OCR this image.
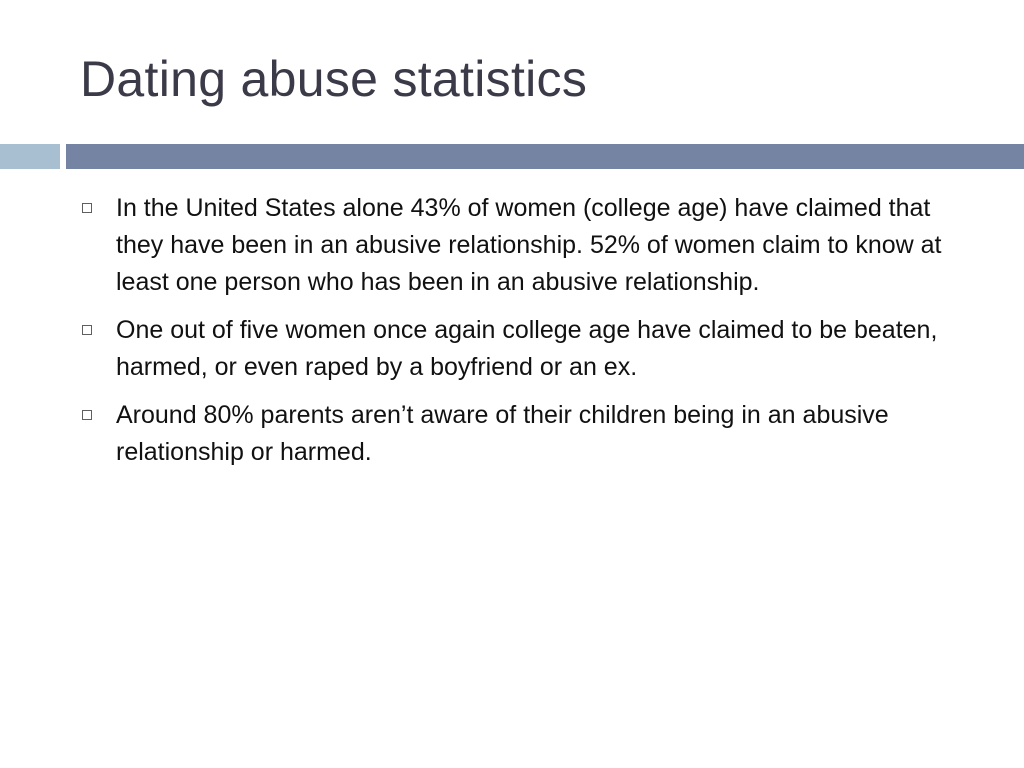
Dating abuse statistics
In the United States alone 43% of women (college age) have claimed that they have been in an abusive relationship. 52% of women claim to know at least one person who has been in an abusive relationship.
One out of five women once again college age have claimed to be beaten, harmed, or even raped by a boyfriend or an ex.
Around 80% parents aren’t aware of their children being in an abusive relationship or harmed.
